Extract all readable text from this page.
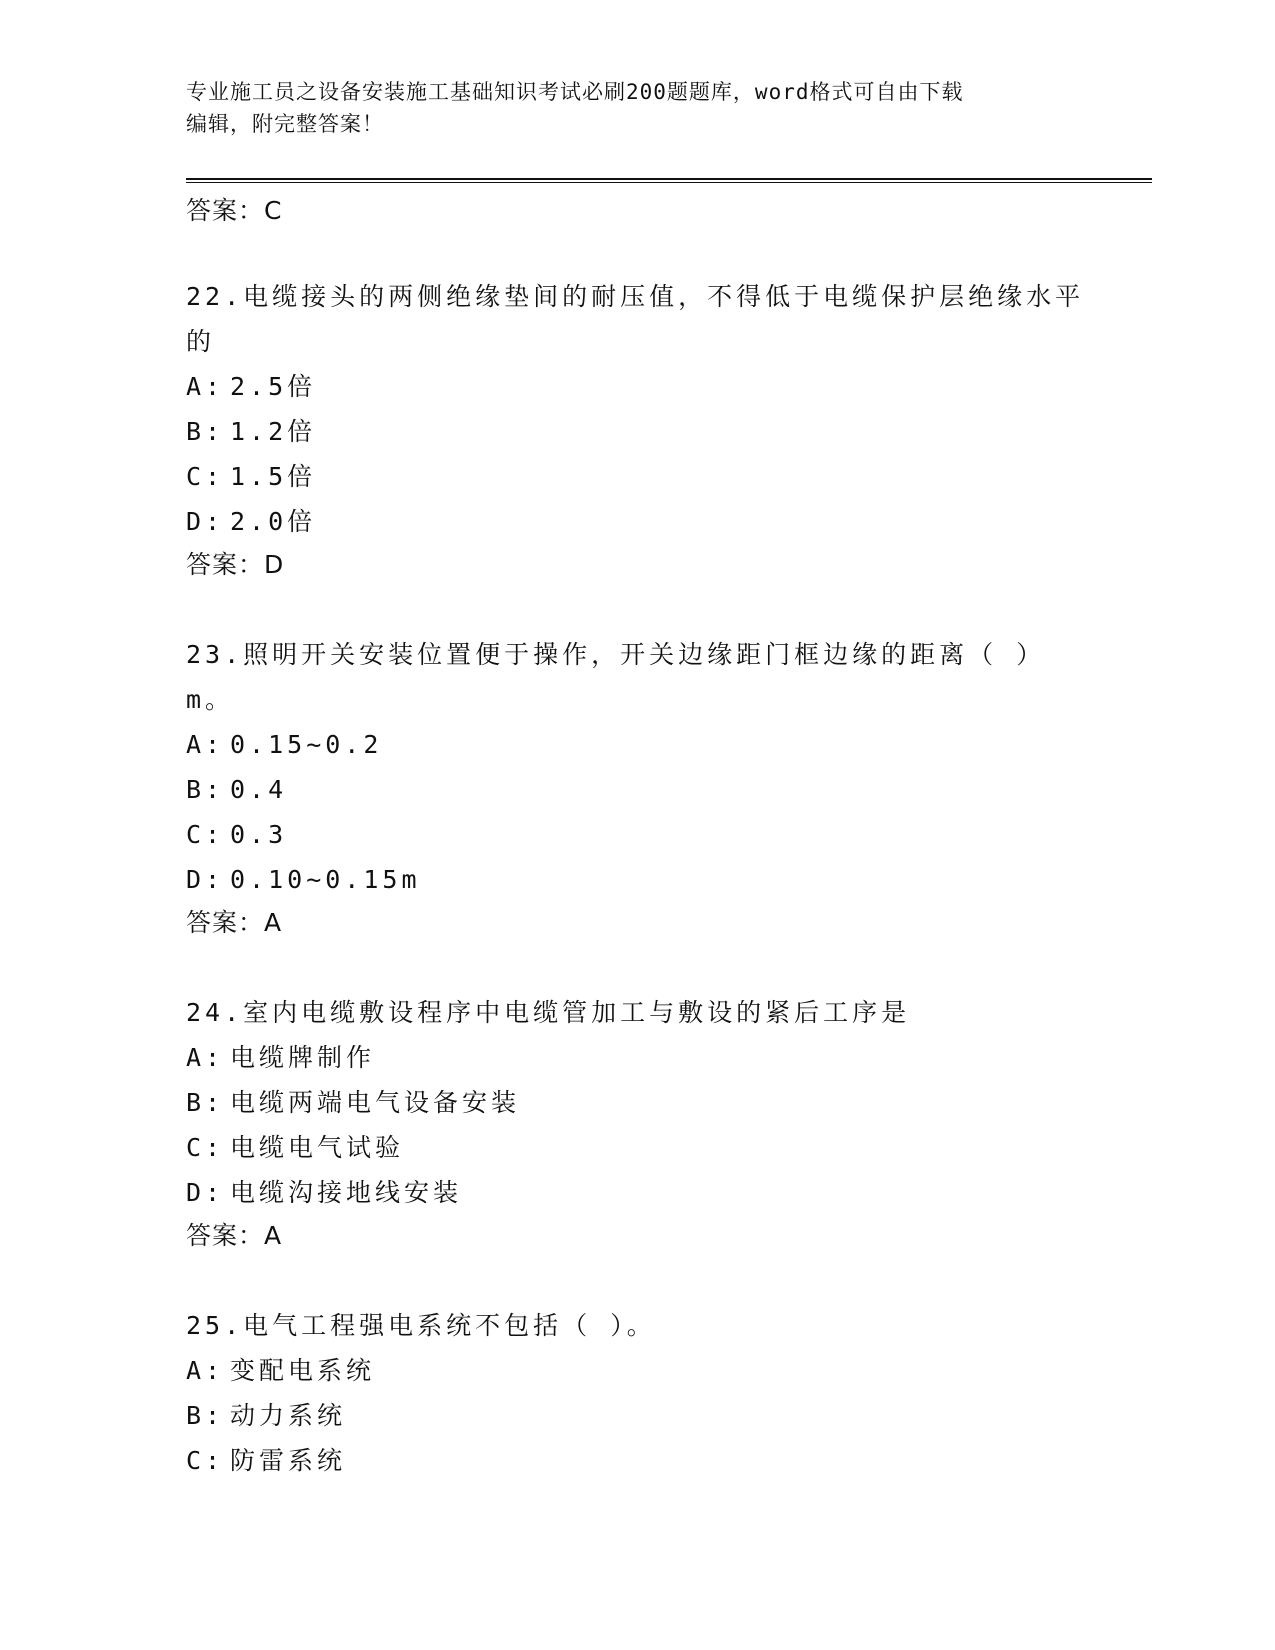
专业施工员之设备安装施工基础知识考试必刷200题题库，word格式可自由下载
编辑，附完整答案！
答案：C
22.电缆接头的两侧绝缘垫间的耐压值，不得低于电缆保护层绝缘水平
的
A: 2.5倍
B: 1.2倍
C: 1.5倍
D: 2.0倍
答案：D
23.照明开关安装位置便于操作，开关边缘距门框边缘的距离（ ）m。
A: 0.15~0.2
B: 0.4
C: 0.3
D: 0.10~0.15m
答案：A
24.室内电缆敷设程序中电缆管加工与敷设的紧后工序是
A: 电缆牌制作
B: 电缆两端电气设备安装
C: 电缆电气试验
D: 电缆沟接地线安装
答案：A
25.电气工程强电系统不包括（ ）。
A: 变配电系统
B: 动力系统
C: 防雷系统
